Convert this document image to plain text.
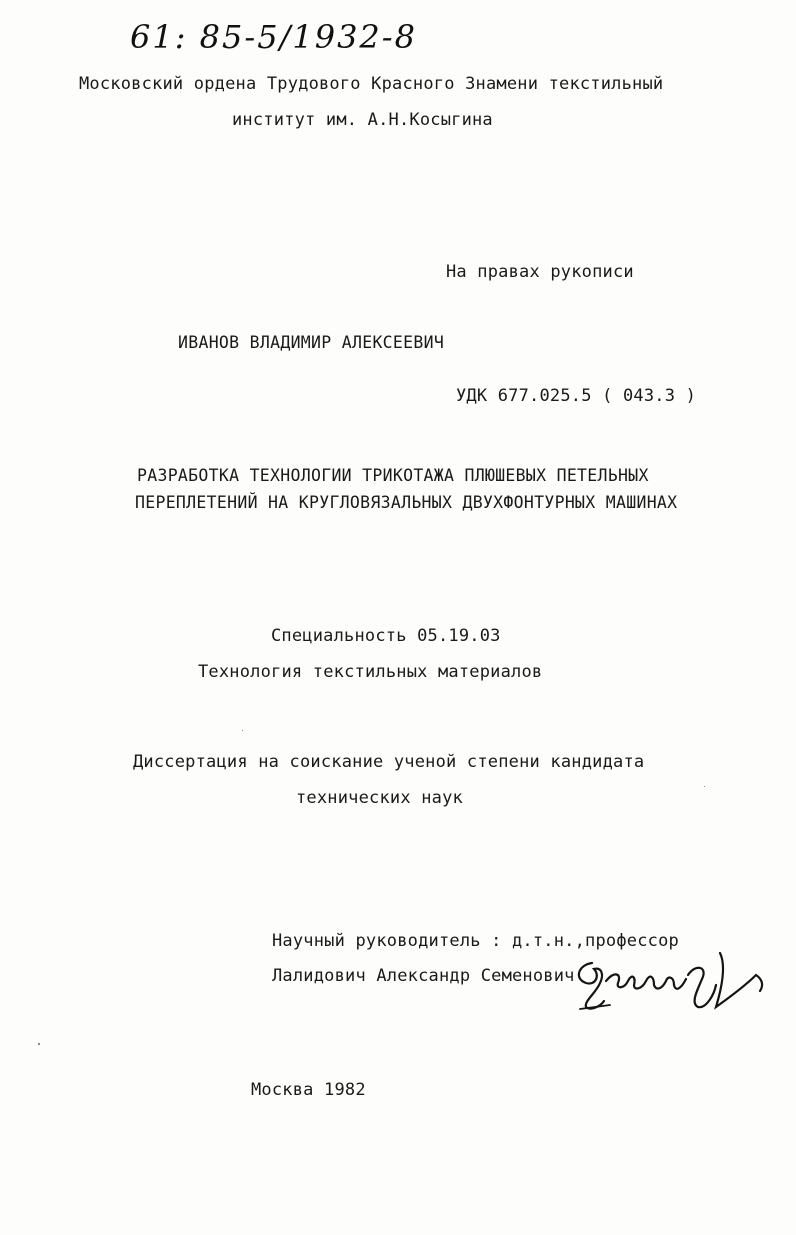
61: 85-5/1932-8
Московский ордена Трудового Красного Знамени текстильный
институт им. А.Н.Косыгина
На правах рукописи
ИВАНОВ ВЛАДИМИР АЛЕКСЕЕВИЧ
УДК 677.025.5 ( 043.3 )
РАЗРАБОТКА ТЕХНОЛОГИИ ТРИКОТАЖА ПЛЮШЕВЫХ ПЕТЕЛЬНЫХ
ПЕРЕПЛЕТЕНИЙ НА КРУГЛОВЯЗАЛЬНЫХ ДВУХФОНТУРНЫХ МАШИНАХ
Специальность 05.19.03
Технология текстильных материалов
Диссертация на соискание ученой степени кандидата
технических наук
Научный руководитель : д.т.н.,профессор
Лалидович Александр Семенович
Москва 1982
